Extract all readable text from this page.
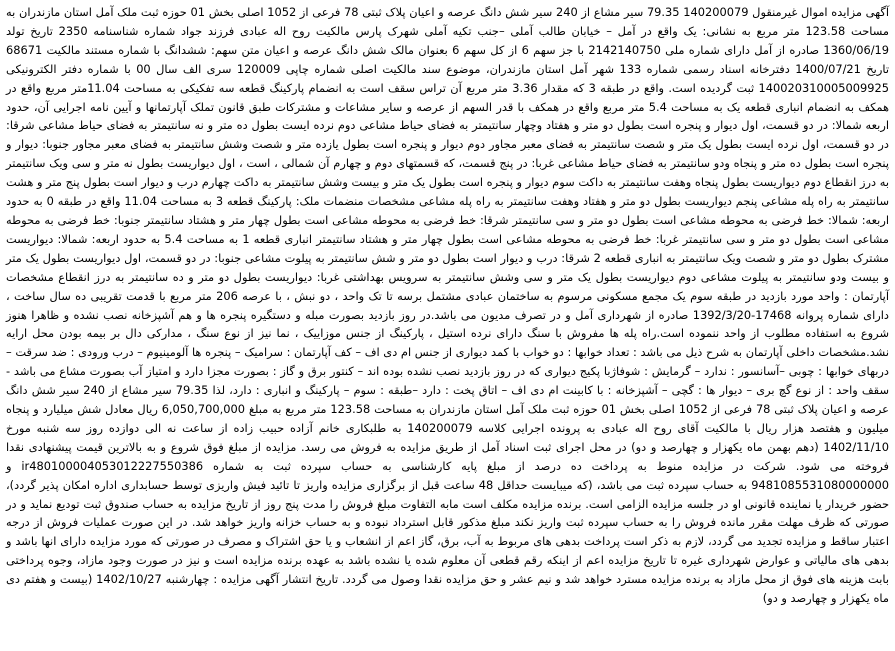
آگهی مزایده اموال غیرمنقول 140200079 79.35 سیر مشاع از 240 سیر شش دانگ عرصه و اعیان پلاک ثبتی 78 فرعی از 1052 اصلی بخش 01 حوزه ثبت ملک آمل استان مازندران به مساحت 123.58 متر مربع به نشانی: یک واقع در آمل – خیابان طالب آملی –جنب تکیه آملی شهرک پارس مالکیت روح اله عبادی فرزند جواد شماره شناسنامه 2350 تاریخ تولد 1360/06/19 صادره از آمل دارای شماره ملی 2142140750 با جز سهم 6 از کل سهم 6 بعنوان مالک شش دانگ عرصه و اعیان متن سهم: ششدانگ با شماره مستند مالکیت 68671 تاریخ 1400/07/21 دفترخانه اسناد رسمی شماره 133 شهر آمل استان مازندران، موضوع سند مالکیت اصلی شماره چاپی 120009 سری الف سال 00 با شماره دفتر الکترونیکی 140020310005009925 ثبت گردیده است. واقع در طبقه 3 که مقدار 3.36 متر مربع آن تراس سقف است به انضمام پارکینگ قطعه سه تفکیکی به مساحت 11.04متر مربع واقع در همکف به انضمام انباری قطعه یک به مساحت 5.4 متر مربع واقع در همکف با قدر السهم از عرصه و سایر مشاعات و مشترکات طبق قانون تملک آپارتمانها و آیین نامه اجرایی آن، حدود اربعه شمالا: در دو قسمت، اول دیوار و پنجره است بطول دو متر و هفتاد وچهار سانتیمتر به فضای حیاط مشاعی دوم نرده ایست بطول ده متر و نه سانتیمتر به فضای حیاط مشاعی شرقا: در دو قسمت، اول نرده ایست بطول یک متر و شصت سانتیمتر به فضای معبر مجاور دوم دیوار و پنجره است بطول یازده متر و شصت وشش سانتیمتر به فضای معبر مجاور جنوبا: دیوار و پنجره است بطول ده متر و پنجاه ودو سانتیمتر به فضای حیاط مشاعی غربا: در پنج قسمت، که قسمتهای دوم و چهارم آن شمالی ، است ، اول دیواریست بطول نه متر و سی ویک سانتیمتر به درز انقطاع دوم دیواریست بطول پنجاه وهفت سانتیمتر به داکت سوم دیوار و پنجره است بطول یک متر و بیست وشش سانتیمتر به داکت چهارم درب و دیوار است بطول پنج متر و هشت سانتیمتر به راه پله مشاعی پنجم دیواریست بطول دو متر و هفتاد وهفت سانتیمتر به راه پله مشاعی مشخصات منضمات ملک: پارکینگ قطعه 3 به مساحت 11.04 واقع در طبقه 0 به حدود اربعه: شمالا: خط فرضی به محوطه مشاعی است بطول دو متر و سی سانتیمتر شرقا: خط فرضی به محوطه مشاعی است بطول چهار متر و هشتاد سانتیمتر جنوبا: خط فرضی به محوطه مشاعی است بطول دو متر و سی سانتیمتر غربا: خط فرضی به محوطه مشاعی است بطول چهار متر و هشتاد سانتیمتر انباری قطعه 1 به مساحت 5.4 به حدود اربعه: شمالا: دیواریست مشترک بطول دو متر و شصت ویک سانتیمتر به انباری قطعه 2 شرقا: درب و دیوار است بطول دو متر و شش سانتیمتر به پیلوت مشاعی جنوبا: در دو قسمت، اول دیواریست بطول یک متر و بیست ودو سانتیمتر به پیلوت مشاعی دوم دیواریست بطول یک متر و سی وشش سانتیمتر به سرویس بهداشتی غربا: دیواریست بطول دو متر و ده سانتیمتر به درز انقطاع مشخصات آپارتمان : واحد مورد بازدید در طبقه سوم یک مجمع مسکونی مرسوم به ساختمان عبادی مشتمل برسه تا تک واحد ، دو نبش ، با عرصه 206 متر مربع با قدمت تقریبی ده سال ساخت ، دارای شماره پروانه 17468-1392/3/20 صادره از شهرداری آمل و در تصرف مدیون می باشد.در روز بازدید بصورت مبله و دستگیره پنجره ها و هم آشپزخانه نصب نشده و ظاهرا هنوز شروع به استفاده مطلوب از واحد ننموده است.راه پله ها مفروش با سنگ دارای نرده استیل ، پارکینگ از جنس موزاییک ، نما نیز از نوع سنگ ، مدارکی دال بر بیمه بودن محل ارایه نشد.مشخصات داخلی آپارتمان به شرح ذیل می باشد : تعداد خوابها : دو خواب با کمد دیواری از جنس ام دی اف – کف آپارتمان : سرامیک – پنجره ها آلومینیوم – درب ورودی : ضد سرقت –دربهای خوابها : چوبی –آسانسور : ندارد – گرمایش : شوفاژبا پکیج دیواری که در روز بازدید نصب نشده بوده اند – کنتور برق و گاز : بصورت مجزا دارد و امتیاز آب بصورت مشاع می باشد - سقف واحد : از نوع گچ بری – دیوار ها : گچی – آشپزخانه : با کابینت ام دی اف – اتاق پخت : دارد –طبقه : سوم – پارکینگ و انباری : دارد، لذا 79.35 سیر مشاع از 240 سیر شش دانگ عرصه و اعیان پلاک ثبتی 78 فرعی از 1052 اصلی بخش 01 حوزه ثبت ملک آمل استان مازندران به مساحت 123.58 متر مربع به مبلغ 6,050,700,000 ریال معادل شش میلیارد و پنجاه میلیون و هفتصد هزار ریال با مالکیت آقای روح اله عبادی به پرونده اجرایی کلاسه 140200079 به طلبکاری خانم آزاده حبیب زاده از ساعت نه الی دوازده روز سه شنبه مورخ 1402/11/10 (دهم بهمن ماه یکهزار و چهارصد و دو) در محل اجرای ثبت اسناد آمل از طریق مزایده به فروش می رسد. مزایده از مبلغ فوق شروع و به بالاترین قیمت پیشنهادی نقدا فروخته می شود. شرکت در مزایده منوط به پرداخت ده درصد از مبلغ پایه کارشناسی به حساب سپرده ثبت به شماره ir480100004053012227550386 و 9481085531080000000 به حساب سپرده ثبت می باشد، (که میبایست حداقل 48 ساعت قبل از برگزاری مزایده واریز تا تائید فیش واریزی توسط حسابداری اداره امکان پذیر گردد)، حضور خریدار یا نماینده قانونی او در جلسه مزایده الزامی است. برنده مزایده مکلف است مابه التفاوت مبلغ فروش را مدت پنج روز از تاریخ مزایده به حساب صندوق ثبت تودیع نماید و در صورتی که ظرف مهلت مقرر مانده فروش را به حساب سپرده ثبت واریز نکند مبلغ مذکور قابل استرداد نبوده و به حساب خزانه واریز خواهد شد. در این صورت عملیات فروش از درجه اعتبار ساقط و مزایده تجدید می گردد، لازم به ذکر است پرداخت بدهی های مربوط به آب، برق، گاز اعم از انشعاب و یا حق اشتراک و مصرف در صورتی که مورد مزایده دارای انها باشد و بدهی های مالیاتی و عوارض شهرداری غیره تا تاریخ مزایده اعم از اینکه رقم قطعی آن معلوم شده یا نشده باشد به عهده برنده مزایده است و نیز در صورت وجود مازاد، وجوه پرداختی بابت هزینه های فوق از محل مازاد به برنده مزایده مسترد خواهد شد و نیم عشر و حق مزایده نقدا وصول می گردد. تاریخ انتشار آگهی مزایده : چهارشنبه 1402/10/27 (بیست و هفتم دی ماه یکهزار و چهارصد و دو)
